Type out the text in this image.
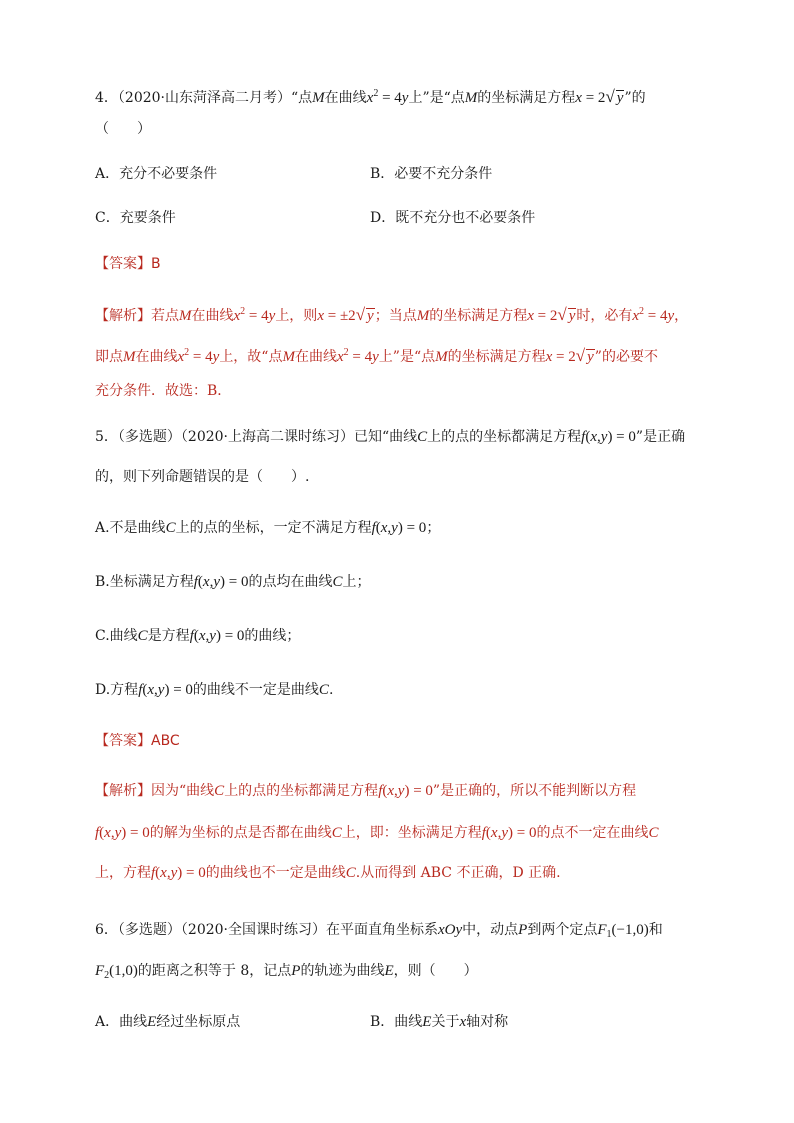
4．（2020·山东菏泽高二月考）“点M在曲线$x^2 = 4y$上”是“点M的坐标满足方程x = 2√ y”的
（　　）
A．充分不必要条件	B．必要不充分条件
C．充要条件	D．既不充分也不必要条件
【答案】B
【解析】若点M在曲线$x^2 = 4y$上，则x = ±2√ y；当点M的坐标满足方程x = 2√ y时，必有$x^2 = 4y$，
即点M在曲线$x^2 = 4y$上，故“点M在曲线$x^2 = 4y$上”是“点M的坐标满足方程x = 2√ y”的必要不
充分条件．故选：B．
5．（多选题）（2020·上海高二课时练习）已知“曲线C上的点的坐标都满足方程f(x,y) = 0”是正确
的，则下列命题错误的是（　　）.
A.不是曲线C上的点的坐标，一定不满足方程f(x,y) = 0；
B.坐标满足方程f(x,y) = 0的点均在曲线C上；
C.曲线C是方程f(x,y) = 0的曲线；
D.方程f(x,y) = 0的曲线不一定是曲线C.
【答案】ABC
【解析】因为“曲线C上的点的坐标都满足方程f(x,y) = 0”是正确的，所以不能判断以方程
f(x,y) = 0的解为坐标的点是否都在曲线C上，即：坐标满足方程f(x,y) = 0的点不一定在曲线C
上，方程f(x,y) = 0的曲线也不一定是曲线C.从而得到 ABC 不正确，D 正确.
6．（多选题）（2020·全国课时练习）在平面直角坐标系xOy中，动点P到两个定点$F_1(-1,0)$和
$F_2(1,0)$的距离之积等于 8，记点P的轨迹为曲线E，则（　　）
A．曲线E经过坐标原点	B．曲线E关于x轴对称
